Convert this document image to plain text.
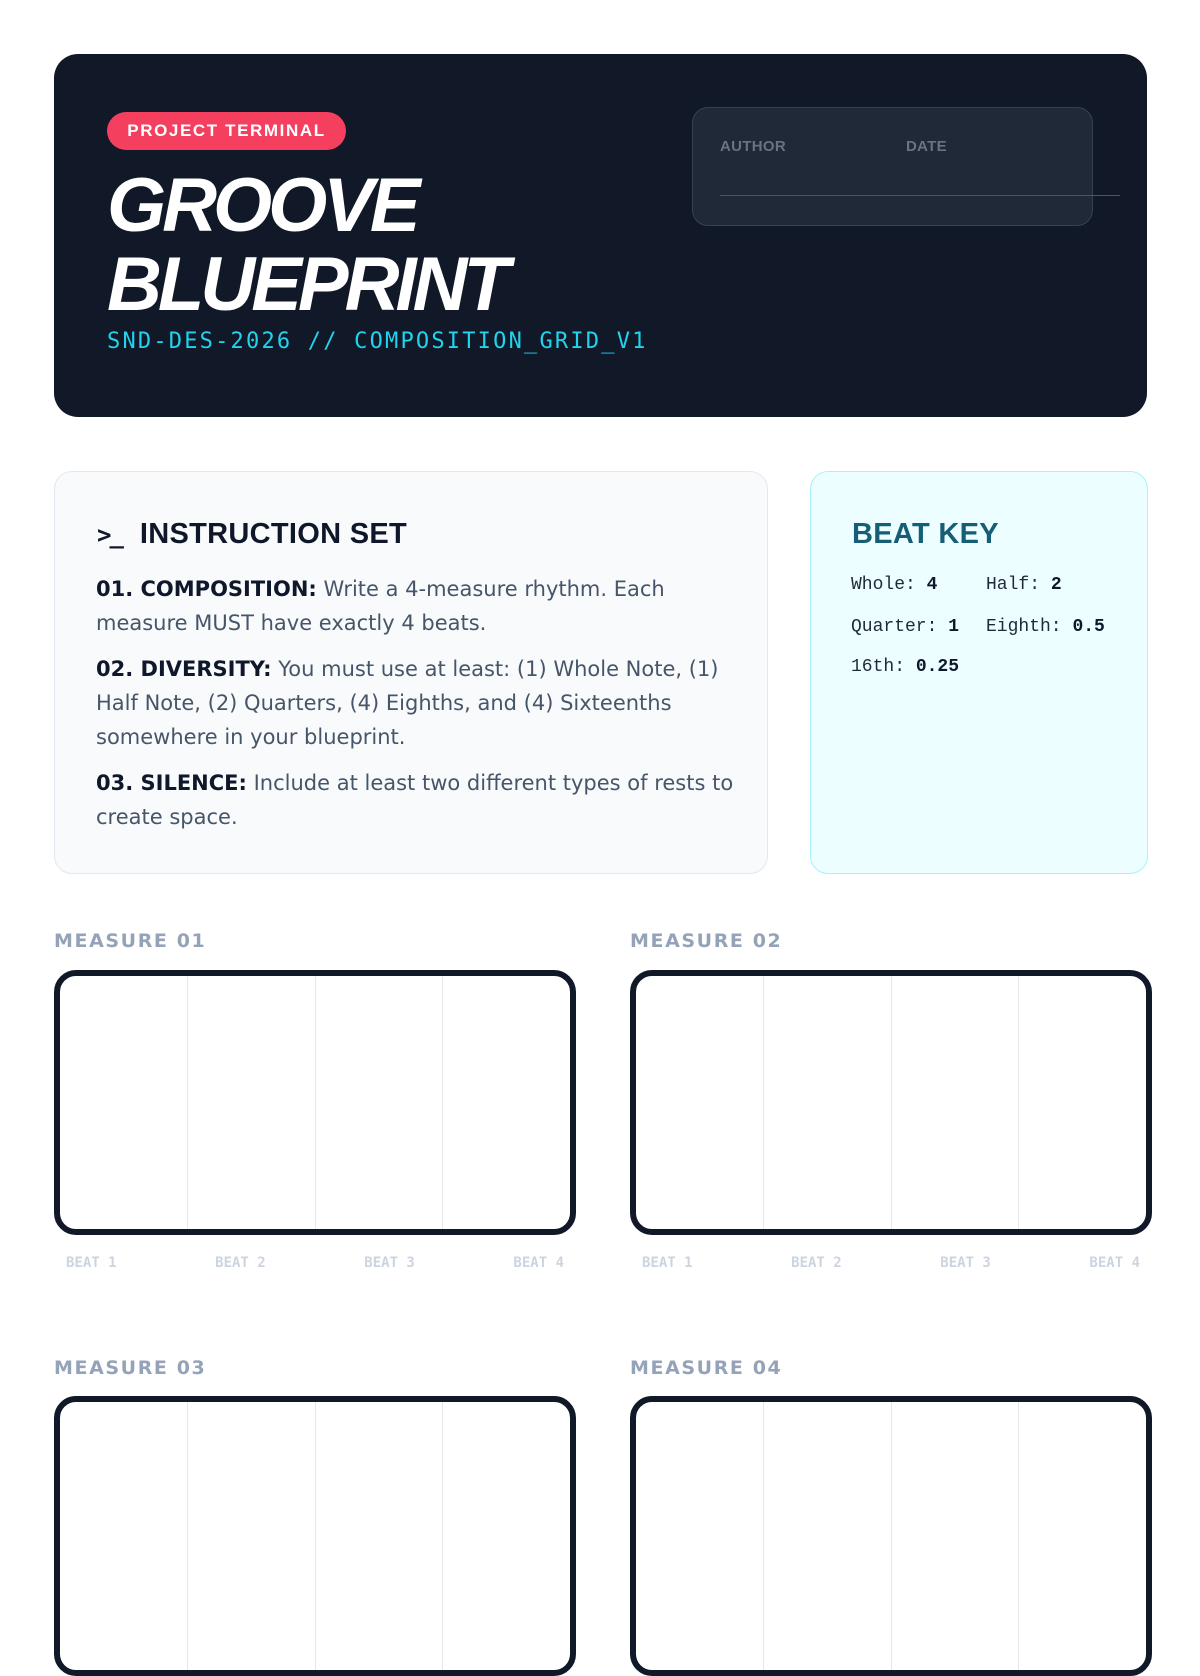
PROJECT TERMINAL
GROOVE
BLUEPRINT

SND-DES-2026 // COMPOSITION_GRID_V1

AUTHOR	DATE
>_ INSTRUCTION SET
01. COMPOSITION: Write a 4-measure rhythm. Each measure MUST have exactly 4 beats.
02. DIVERSITY: You must use at least: (1) Whole Note, (1) Half Note, (2) Quarters, (4) Eighths, and (4) Sixteenths somewhere in your blueprint.
03. SILENCE: Include at least two different types of rests to create space.
BEAT KEY
Whole: 4	Half: 2
Quarter: 1 Eighth: 0.5
16th: 0.25
MEASURE 01
BEAT 1	BEAT 2	BEAT 3	BEAT 4
MEASURE 02
BEAT 1	BEAT 2	BEAT 3	BEAT 4
MEASURE 03	MEASURE 04
